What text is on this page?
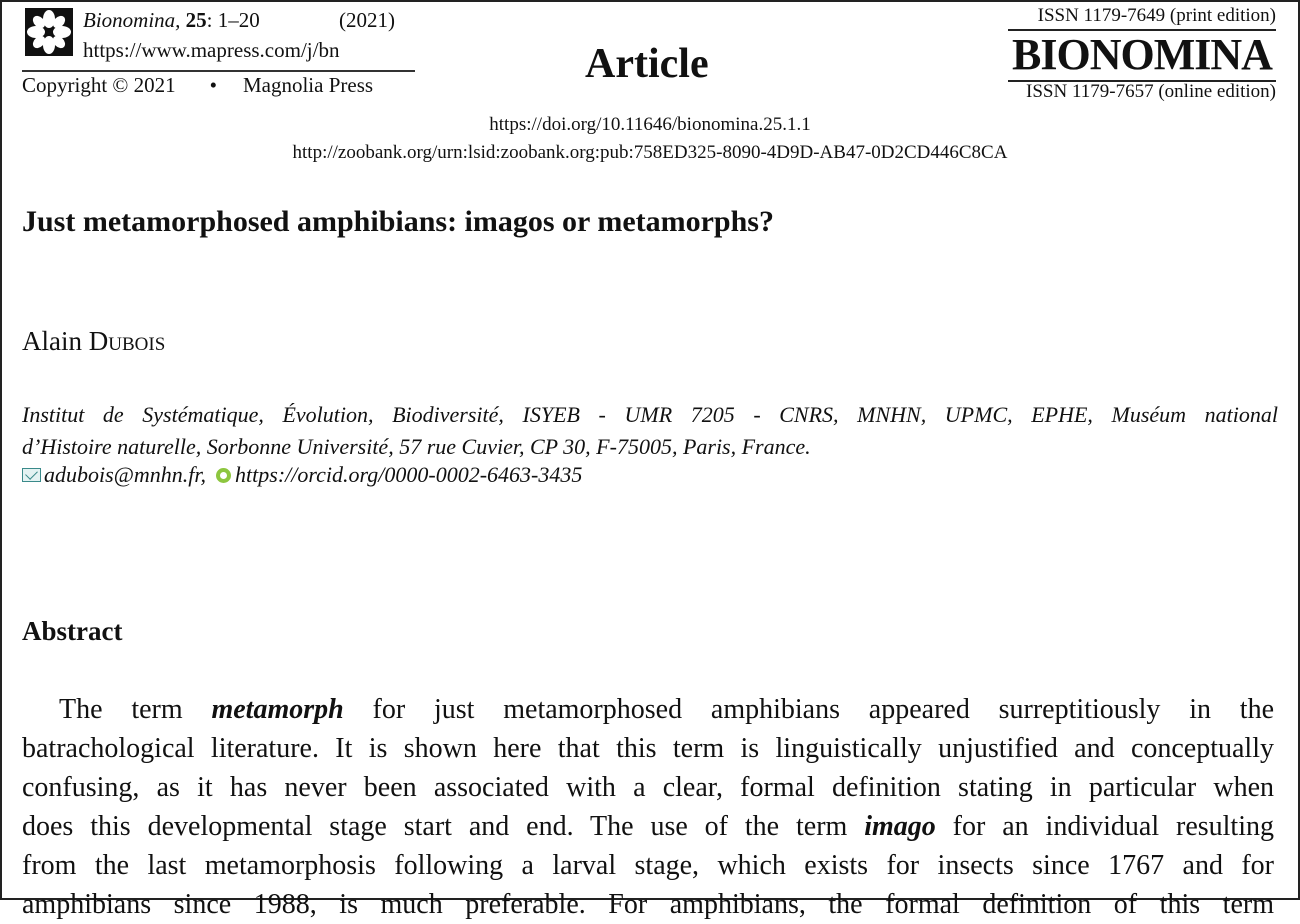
Bionomina, 25: 1–20	(2021)
https://www.mapress.com/j/bn
Copyright © 2021 • Magnolia Press	Article
ISSN 1179-7649 (print edition)
BIONOMINA
ISSN 1179-7657 (online edition)
https://doi.org/10.11646/bionomina.25.1.1
http://zoobank.org/urn:lsid:zoobank.org:pub:758ED325-8090-4D9D-AB47-0D2CD446C8CA
Just metamorphosed amphibians: imagos or metamorphs?
Alain Dubois
Institut de Systématique, Évolution, Biodiversité, ISYEB - UMR 7205 - CNRS, MNHN, UPMC, EPHE, Muséum national
d’Histoire naturelle, Sorbonne Université, 57 rue Cuvier, CP 30, F-75005, Paris, France.
adubois@mnhn.fr, https://orcid.org/0000-0002-6463-3435
Abstract
The term metamorph for just metamorphosed amphibians appeared surreptitiously in the
batrachological literature. It is shown here that this term is linguistically unjustified and conceptually
confusing, as it has never been associated with a clear, formal definition stating in particular when
does this developmental stage start and end. The use of the term imago for an individual resulting
from the last metamorphosis following a larval stage, which exists for insects since 1767 and for
amphibians since 1988, is much preferable. For amphibians, the formal definition of this term
